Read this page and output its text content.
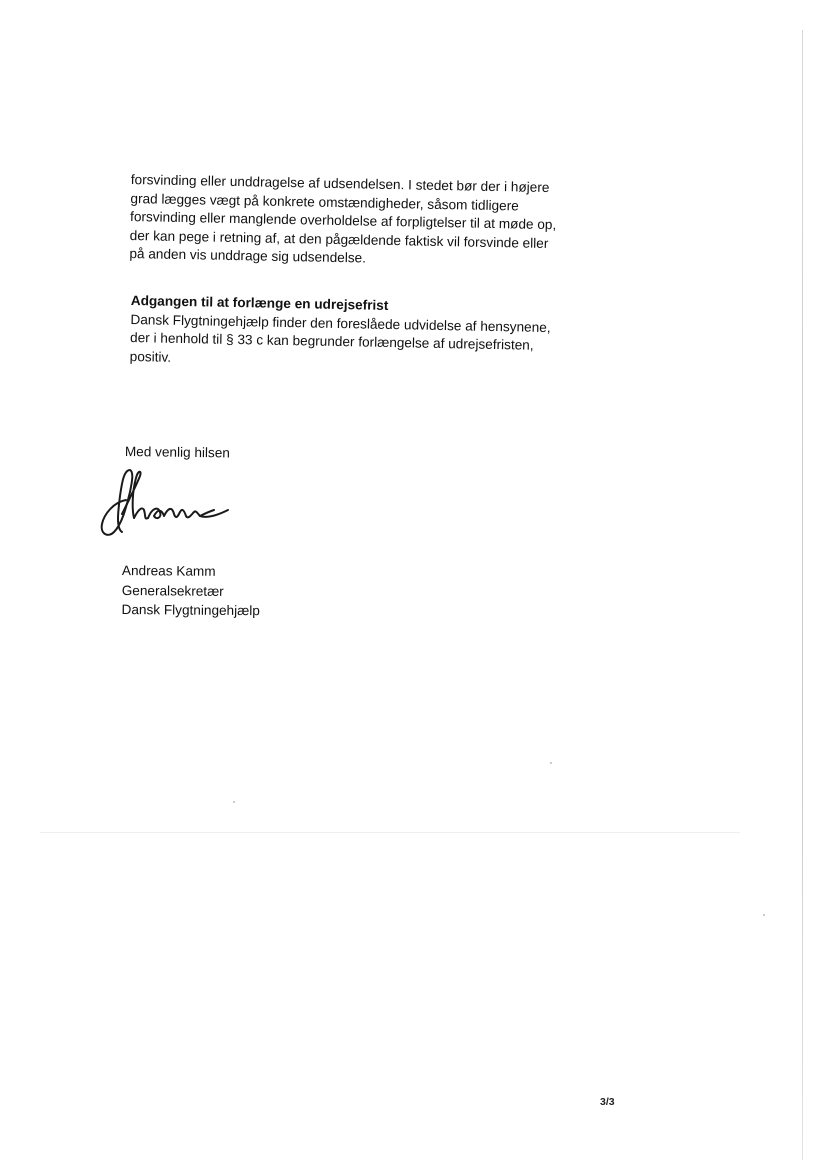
forsvinding eller unddragelse af udsendelsen. I stedet bør der i højere

grad lægges vægt på konkrete omstændigheder, såsom tidligere

forsvinding eller manglende overholdelse af forpligtelser til at møde op,

der kan pege i retning af, at den pågældende faktisk vil forsvinde eller

på anden vis unddrage sig udsendelse.

Adgangen til at forlænge en udrejsefrist

Dansk Flygtningehjælp finder den foreslåede udvidelse af hensynene,

der i henhold til § 33 c kan begrunder forlængelse af udrejsefristen,

positiv.

Med venlig hilsen
Andreas Kamm
Generalsekretær
Dansk Flygtningehjælp
3/3
